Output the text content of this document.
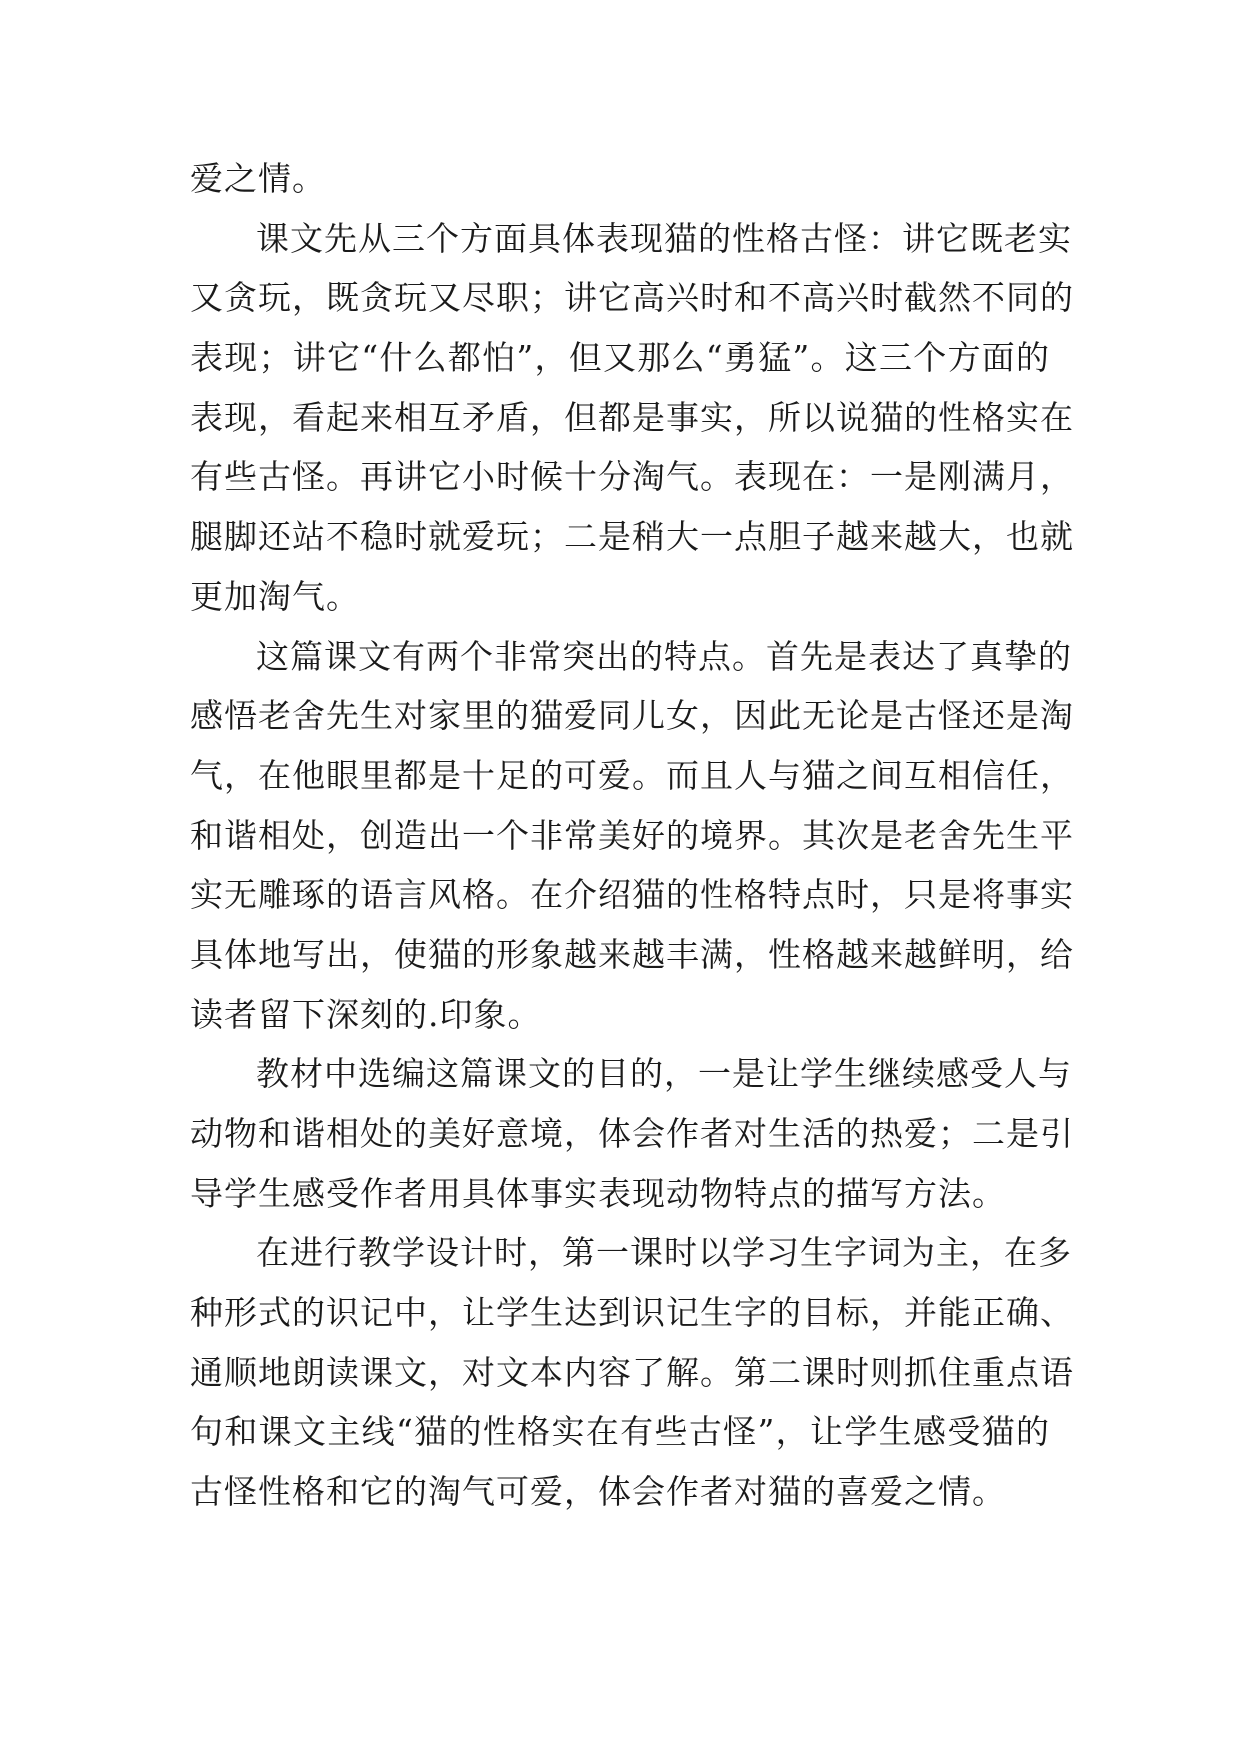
爱之情。
课文先从三个方面具体表现猫的性格古怪：讲它既老实
又贪玩，既贪玩又尽职；讲它高兴时和不高兴时截然不同的
表现；讲它“什么都怕”，但又那么“勇猛”。这三个方面的
表现，看起来相互矛盾，但都是事实，所以说猫的性格实在
有些古怪。再讲它小时候十分淘气。表现在：一是刚满月，
腿脚还站不稳时就爱玩；二是稍大一点胆子越来越大，也就
更加淘气。
这篇课文有两个非常突出的特点。首先是表达了真挚的
感悟老舍先生对家里的猫爱同儿女，因此无论是古怪还是淘
气，在他眼里都是十足的可爱。而且人与猫之间互相信任，
和谐相处，创造出一个非常美好的境界。其次是老舍先生平
实无雕琢的语言风格。在介绍猫的性格特点时，只是将事实
具体地写出，使猫的形象越来越丰满，性格越来越鲜明，给
读者留下深刻的.印象。
教材中选编这篇课文的目的，一是让学生继续感受人与
动物和谐相处的美好意境，体会作者对生活的热爱；二是引
导学生感受作者用具体事实表现动物特点的描写方法。
在进行教学设计时，第一课时以学习生字词为主，在多
种形式的识记中，让学生达到识记生字的目标，并能正确、
通顺地朗读课文，对文本内容了解。第二课时则抓住重点语
句和课文主线“猫的性格实在有些古怪”，让学生感受猫的
古怪性格和它的淘气可爱，体会作者对猫的喜爱之情。
